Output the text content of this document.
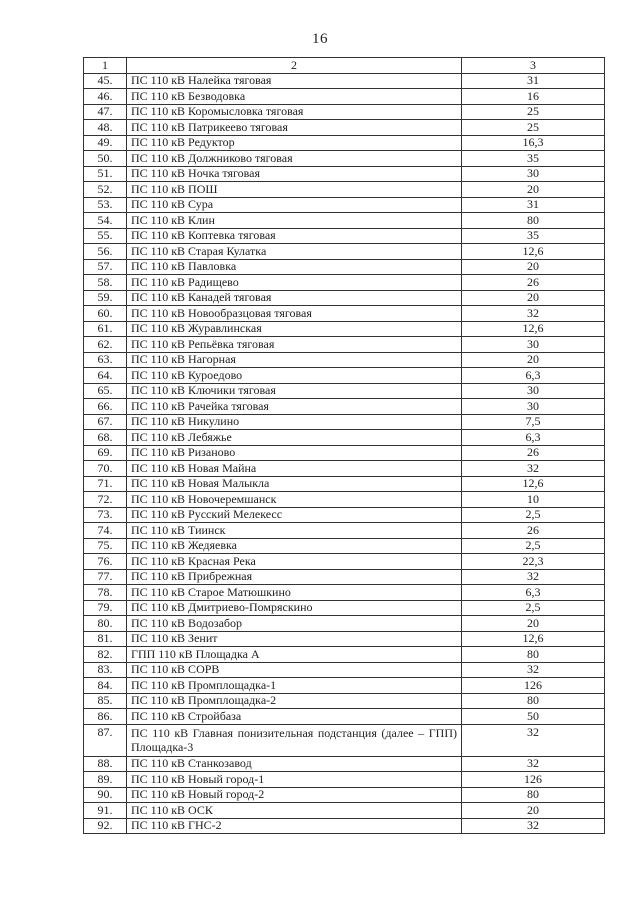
16
1	2	3
45.	ПС 110 кВ Налейка тяговая	31
46.	ПС 110 кВ Безводовка	16
47.	ПС 110 кВ Коромысловка тяговая	25
48.	ПС 110 кВ Патрикеево тяговая	25
49.	ПС 110 кВ Редуктор	16,3
50.	ПС 110 кВ Должниково тяговая	35
51.	ПС 110 кВ Ночка тяговая	30
52.	ПС 110 кВ ПОШ	20
53.	ПС 110 кВ Сура	31
54.	ПС 110 кВ Клин	80
55.	ПС 110 кВ Коптевка тяговая	35
56.	ПС 110 кВ Старая Кулатка	12,6
57.	ПС 110 кВ Павловка	20
58.	ПС 110 кВ Радищево	26
59.	ПС 110 кВ Канадей тяговая	20
60.	ПС 110 кВ Новообразцовая тяговая	32
61.	ПС 110 кВ Журавлинская	12,6
62.	ПС 110 кВ Репьёвка тяговая	30
63.	ПС 110 кВ Нагорная	20
64.	ПС 110 кВ Куроедово	6,3
65.	ПС 110 кВ Ключики тяговая	30
66.	ПС 110 кВ Рачейка тяговая	30
67.	ПС 110 кВ Никулино	7,5
68.	ПС 110 кВ Лебяжье	6,3
69.	ПС 110 кВ Ризаново	26
70.	ПС 110 кВ Новая Майна	32
71.	ПС 110 кВ Новая Малыкла	12,6
72.	ПС 110 кВ Новочеремшанск	10
73.	ПС 110 кВ Русский Мелекесс	2,5
74.	ПС 110 кВ Тиинск	26
75.	ПС 110 кВ Жедяевка	2,5
76.	ПС 110 кВ Красная Река	22,3
77.	ПС 110 кВ Прибрежная	32
78.	ПС 110 кВ Старое Матюшкино	6,3
79.	ПС 110 кВ Дмитриево-Помряскино	2,5
80.	ПС 110 кВ Водозабор	20
81.	ПС 110 кВ Зенит	12,6
82.	ГПП 110 кВ Площадка А	80
83.	ПС 110 кВ СОРВ	32
84.	ПС 110 кВ Промплощадка-1	126
85.	ПС 110 кВ Промплощадка-2	80
86.	ПС 110 кВ Стройбаза	50
87.	ПС 110 кВ Главная понизительная подстанция (далее – ГПП) Площадка-3	32
88.	ПС 110 кВ Станкозавод	32
89.	ПС 110 кВ Новый город-1	126
90.	ПС 110 кВ Новый город-2	80
91.	ПС 110 кВ ОСК	20
92.	ПС 110 кВ ГНС-2	32
